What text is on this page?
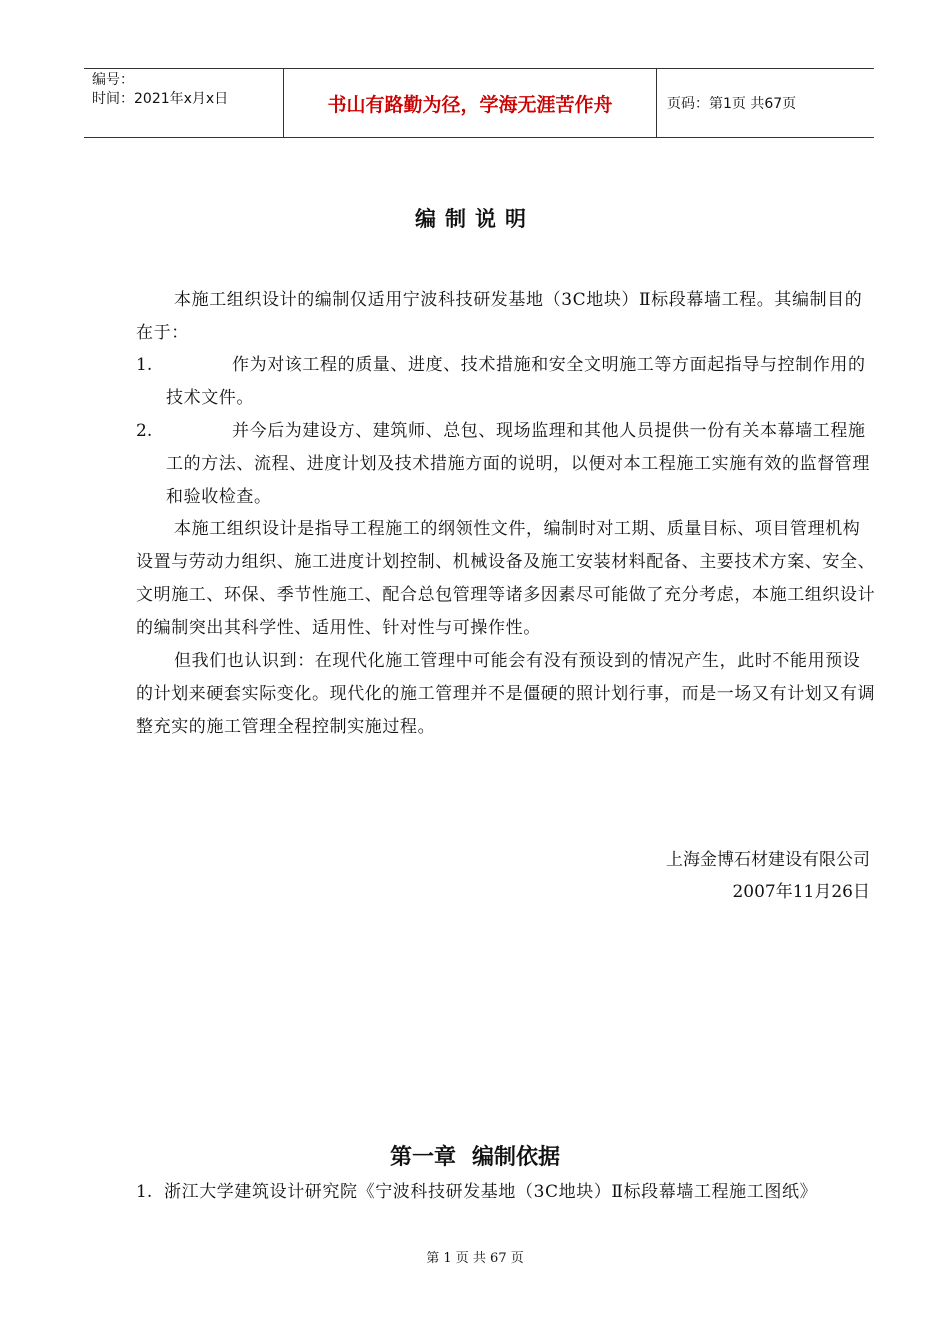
编号：
时间：2021年x月x日	书山有路勤为径，学海无涯苦作舟	页码：第1页 共67页
编制说明
本施工组织设计的编制仅适用宁波科技研发基地（3C地块）Ⅱ标段幕墙工程。其编制目的在于：
1.	作为对该工程的质量、进度、技术措施和安全文明施工等方面起指导与控制作用的技术文件。
2.	并今后为建设方、建筑师、总包、现场监理和其他人员提供一份有关本幕墙工程施工的方法、流程、进度计划及技术措施方面的说明，以便对本工程施工实施有效的监督管理和验收检查。
本施工组织设计是指导工程施工的纲领性文件，编制时对工期、质量目标、项目管理机构设置与劳动力组织、施工进度计划控制、机械设备及施工安装材料配备、主要技术方案、安全、文明施工、环保、季节性施工、配合总包管理等诸多因素尽可能做了充分考虑，本施工组织设计的编制突出其科学性、适用性、针对性与可操作性。
但我们也认识到：在现代化施工管理中可能会有没有预设到的情况产生，此时不能用预设的计划来硬套实际变化。现代化的施工管理并不是僵硬的照计划行事，而是一场又有计划又有调整充实的施工管理全程控制实施过程。
上海金博石材建设有限公司
2007年11月26日
第一章 编制依据
1. 浙江大学建筑设计研究院《宁波科技研发基地（3C地块）Ⅱ标段幕墙工程施工图纸》
第 1 页 共 67 页
